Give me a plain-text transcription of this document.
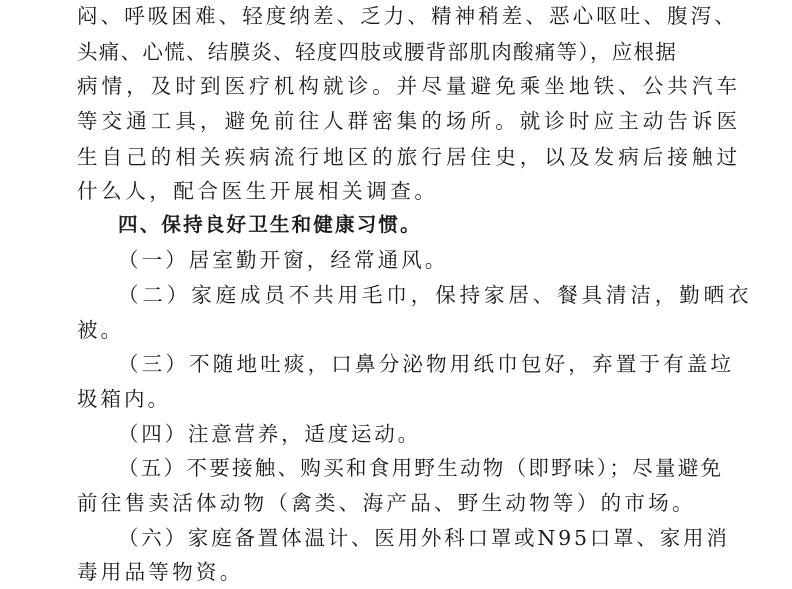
闷、呼吸困难、轻度纳差、乏力、精神稍差、恶心呕吐、腹泻、

头痛、心慌、结膜炎、轻度四肢或腰背部肌肉酸痛等），应根据

病情，及时到医疗机构就诊。并尽量避免乘坐地铁、公共汽车

等交通工具，避免前往人群密集的场所。就诊时应主动告诉医

生自己的相关疾病流行地区的旅行居住史，以及发病后接触过

什么人，配合医生开展相关调查。

四、保持良好卫生和健康习惯。

（一）居室勤开窗，经常通风。

（二）家庭成员不共用毛巾，保持家居、餐具清洁，勤晒衣

被。

（三）不随地吐痰，口鼻分泌物用纸巾包好，弃置于有盖垃

圾箱内。

（四）注意营养，适度运动。

（五）不要接触、购买和食用野生动物（即野味）；尽量避免

前往售卖活体动物（禽类、海产品、野生动物等）的市场。

（六）家庭备置体温计、医用外科口罩或N95口罩、家用消

毒用品等物资。
